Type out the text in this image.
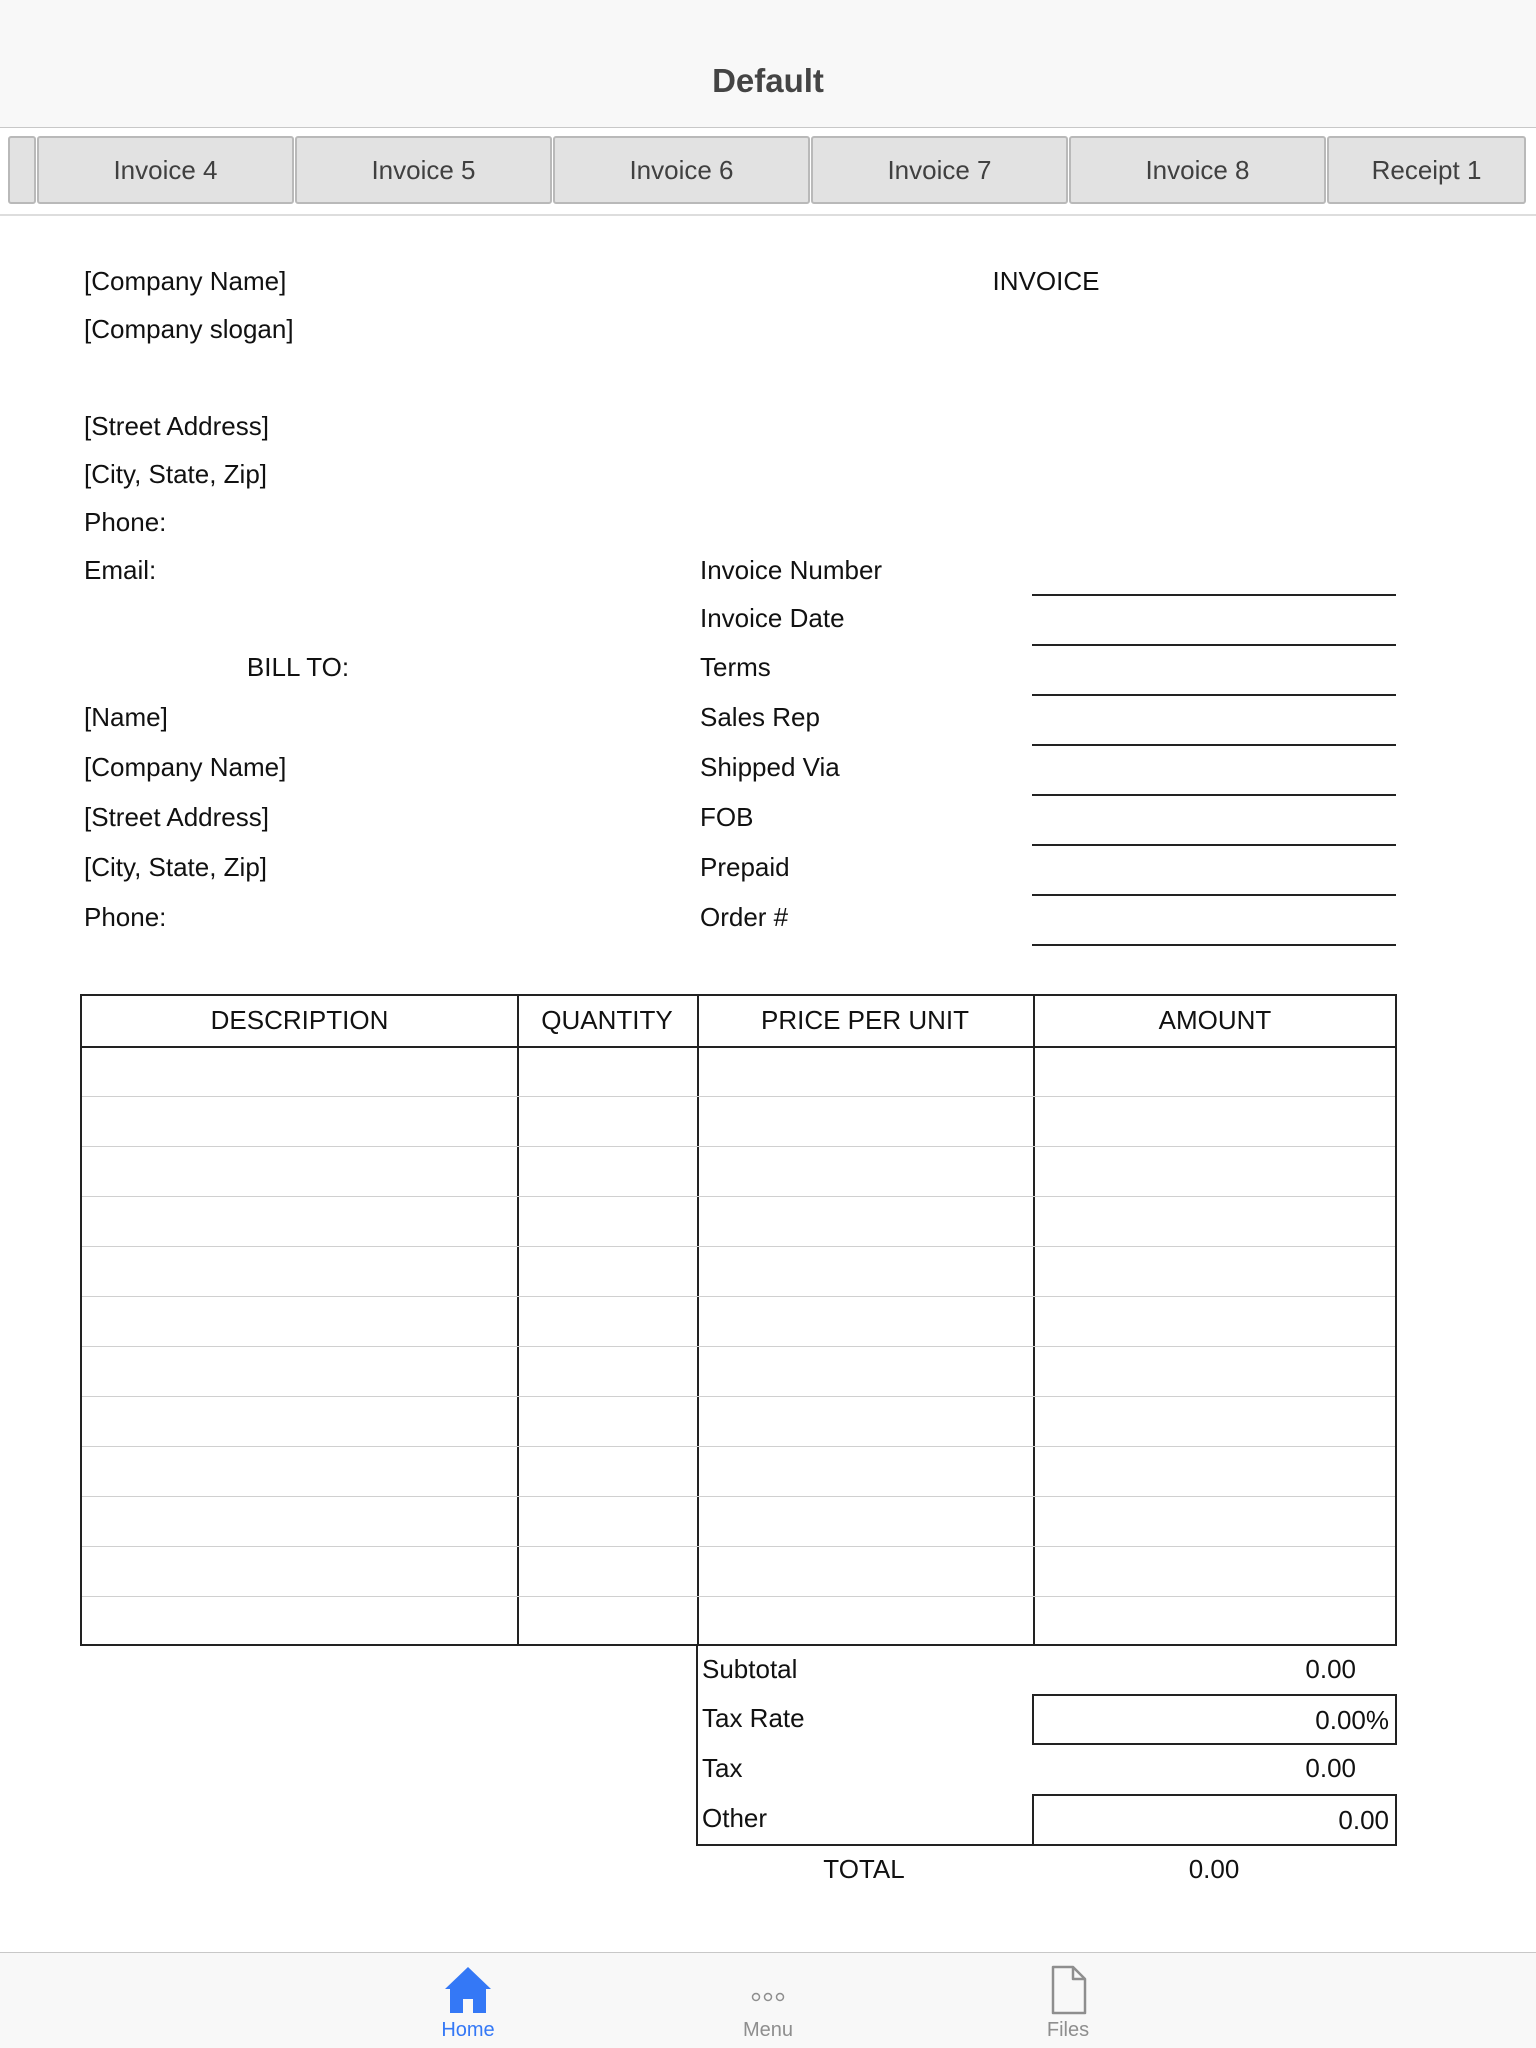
Default
Invoice 4	Invoice 5	Invoice 6	Invoice 7	Invoice 8	Receipt 1
[Company Name]
[Company slogan]
[Street Address]
[City, State, Zip]
Phone:
Email:
INVOICE
Invoice Number
Invoice Date
Terms
Sales Rep
Shipped Via
FOB
Prepaid
Order #
BILL TO:
[Name]
[Company Name]
[Street Address]
[City, State, Zip]
Phone:
DESCRIPTION	QUANTITY	PRICE PER UNIT	AMOUNT
Subtotal	0.00
Tax Rate	0.00%
Tax	0.00
Other	0.00
TOTAL	0.00
Home	Menu	Files
